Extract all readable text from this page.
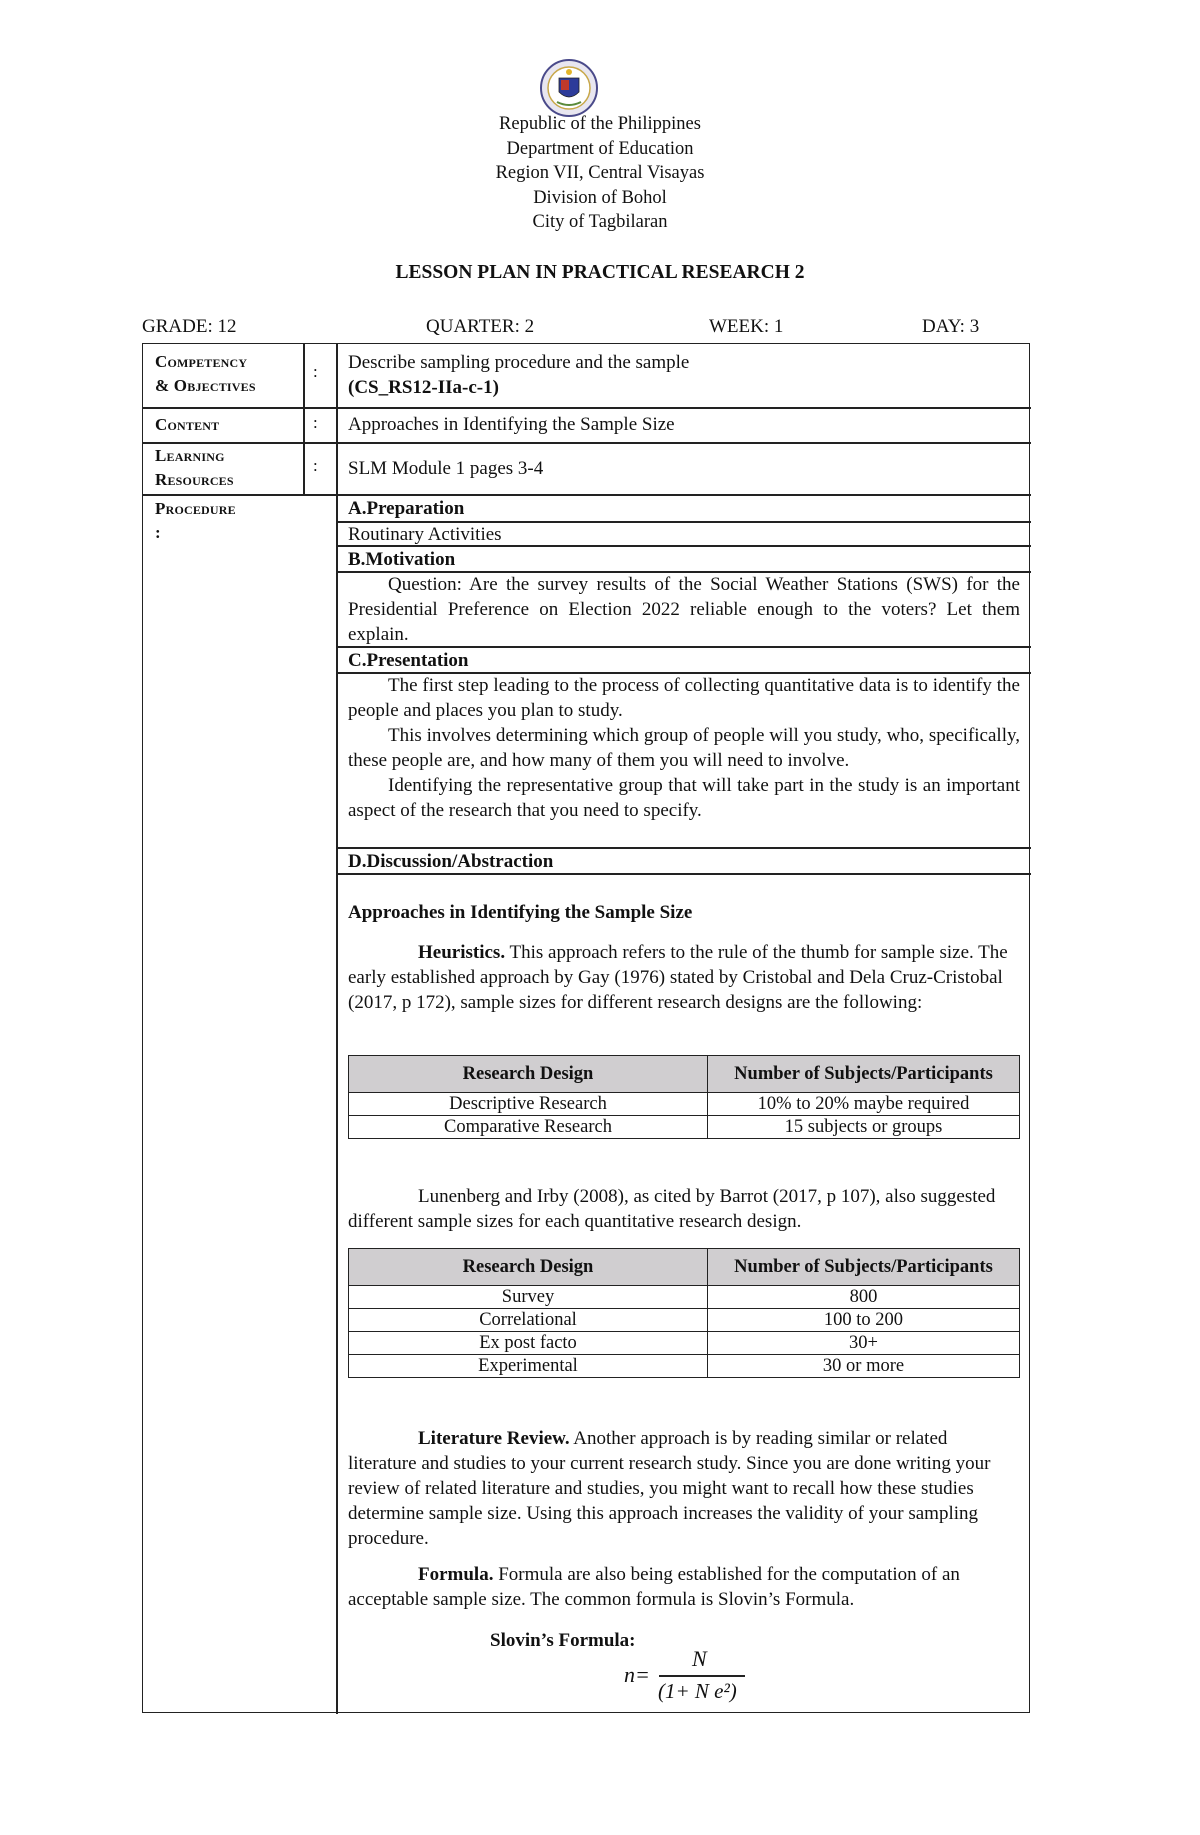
Republic of the Philippines
Department of Education
Region VII, Central Visayas
Division of Bohol
City of Tagbilaran
LESSON PLAN IN PRACTICAL RESEARCH 2
GRADE: 12	QUARTER: 2	WEEK: 1	DAY: 3
Competency
& Objectives
: Describe sampling procedure and the sample
(CS_RS12-IIa-c-1)
Content	: Approaches in Identifying the Sample Size
Learning
Resources
: SLM Module 1 pages 3-4
Procedure
:
A.Preparation
Routinary Activities
B.Motivation
Question: Are the survey results of the Social Weather Stations (SWS) for the Presidential Preference on Election 2022 reliable enough to the voters? Let them explain.
C.Presentation

The first step leading to the process of collecting quantitative data is to identify the people and places you plan to study.

This involves determining which group of people will you study, who, specifically, these people are, and how many of them you will need to involve.

Identifying the representative group that will take part in the study is an important aspect of the research that you need to specify.

D.Discussion/Abstraction
Approaches in Identifying the Sample Size
Heuristics. This approach refers to the rule of the thumb for sample size. The early established approach by Gay (1976) stated by Cristobal and Dela Cruz-Cristobal (2017, p 172), sample sizes for different research designs are the following:
Research Design	Number of Subjects/Participants
Descriptive Research	10% to 20% maybe required
Comparative Research	15 subjects or groups
Lunenberg and Irby (2008), as cited by Barrot (2017, p 107), also suggested different sample sizes for each quantitative research design.
Research Design	Number of Subjects/Participants
Survey	800
Correlational	100 to 200
Ex post facto	30+
Experimental	30 or more
Literature Review. Another approach is by reading similar or related literature and studies to your current research study. Since you are done writing your review of related literature and studies, you might want to recall how these studies determine sample size. Using this approach increases the validity of your sampling procedure.
Formula. Formula are also being established for the computation of an acceptable sample size. The common formula is Slovin’s Formula.
Slovin’s Formula:
n=
N
(1+ N e²)
